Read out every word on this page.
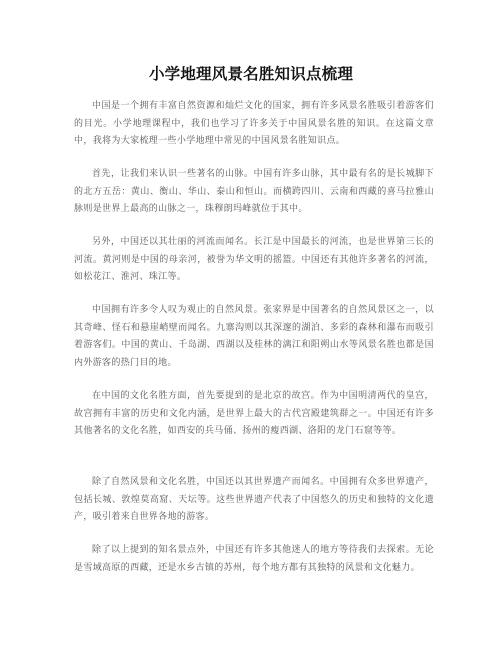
小学地理风景名胜知识点梳理

中国是一个拥有丰富自然资源和灿烂文化的国家，拥有许多风景名胜吸引着游客们的目光。小学地理课程中，我们也学习了许多关于中国风景名胜的知识。在这篇文章中，我将为大家梳理一些小学地理中常见的中国风景名胜知识点。

首先，让我们来认识一些著名的山脉。中国有许多山脉，其中最有名的是长城脚下的北方五岳：黄山、衡山、华山、泰山和恒山。而横跨四川、云南和西藏的喜马拉雅山脉则是世界上最高的山脉之一，珠穆朗玛峰就位于其中。

另外，中国还以其壮丽的河流而闻名。长江是中国最长的河流，也是世界第三长的河流。黄河则是中国的母亲河，被誉为华文明的摇篮。中国还有其他许多著名的河流，如松花江、淮河、珠江等。

中国拥有许多令人叹为观止的自然风景。张家界是中国著名的自然风景区之一，以其奇峰、怪石和悬崖峭壁而闻名。九寨沟则以其深邃的湖泊、多彩的森林和瀑布而吸引着游客们。中国的黄山、千岛湖、西湖以及桂林的漓江和阳朔山水等风景名胜也都是国内外游客的热门目的地。

在中国的文化名胜方面，首先要提到的是北京的故宫。作为中国明清两代的皇宫，故宫拥有丰富的历史和文化内涵，是世界上最大的古代宫殿建筑群之一。中国还有许多其他著名的文化名胜，如西安的兵马俑、扬州的瘦西湖、洛阳的龙门石窟等等。

除了自然风景和文化名胜，中国还以其世界遗产而闻名。中国拥有众多世界遗产，包括长城、敦煌莫高窟、天坛等。这些世界遗产代表了中国悠久的历史和独特的文化遗产，吸引着来自世界各地的游客。

除了以上提到的知名景点外，中国还有许多其他迷人的地方等待我们去探索。无论是雪域高原的西藏，还是水乡古镇的苏州，每个地方都有其独特的风景和文化魅力。
